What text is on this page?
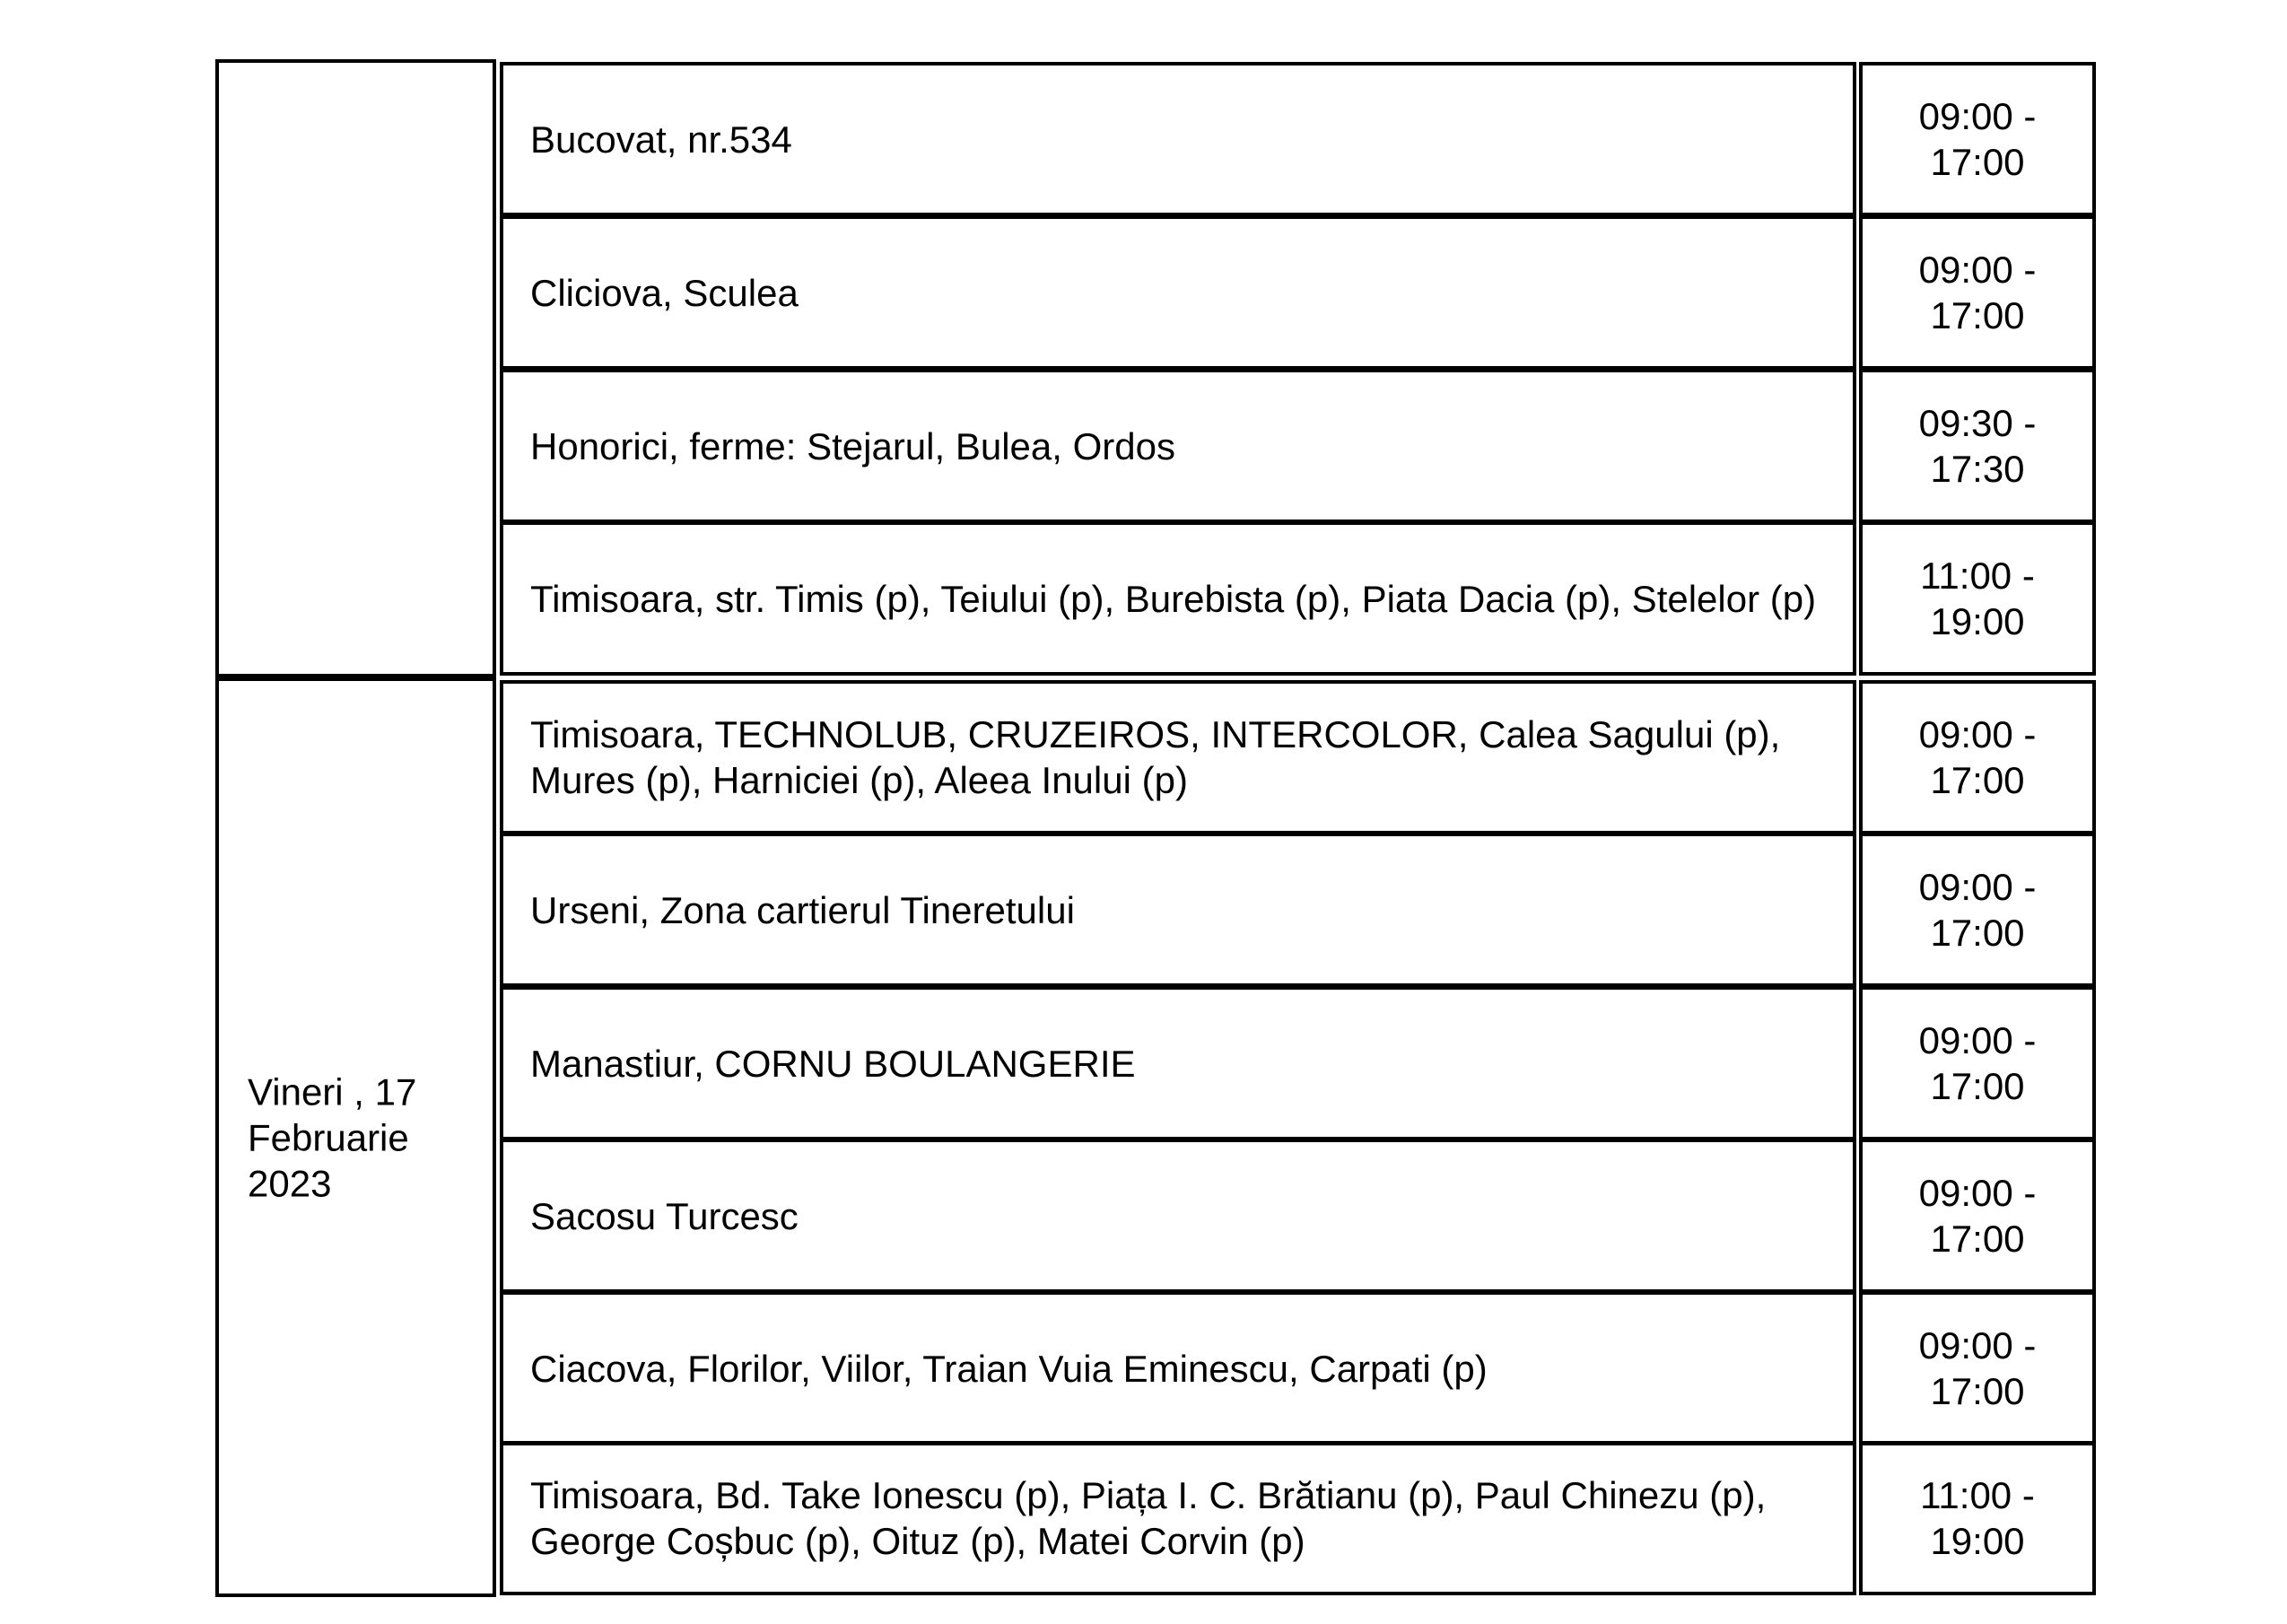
Vineri , 17
Februarie
2023
Bucovat, nr.534
09:00 -
17:00
Cliciova, Sculea
09:00 -
17:00
Honorici, ferme: Stejarul, Bulea, Ordos
09:30 -
17:30
Timisoara, str. Timis (p), Teiului (p), Burebista (p), Piata Dacia (p), Stelelor (p)
11:00 -
19:00
Timisoara, TECHNOLUB, CRUZEIROS, INTERCOLOR, Calea Sagului (p), Mures (p), Harniciei (p), Aleea Inului (p)
09:00 -
17:00
Urseni, Zona cartierul Tineretului
09:00 -
17:00
Manastiur, CORNU BOULANGERIE
09:00 -
17:00
Sacosu Turcesc
09:00 -
17:00
Ciacova, Florilor, Viilor, Traian Vuia Eminescu, Carpati (p)
09:00 -
17:00
Timisoara, Bd. Take Ionescu (p), Piața I. C. Brătianu (p), Paul Chinezu (p), George Coșbuc (p), Oituz (p), Matei Corvin (p)
11:00 -
19:00
